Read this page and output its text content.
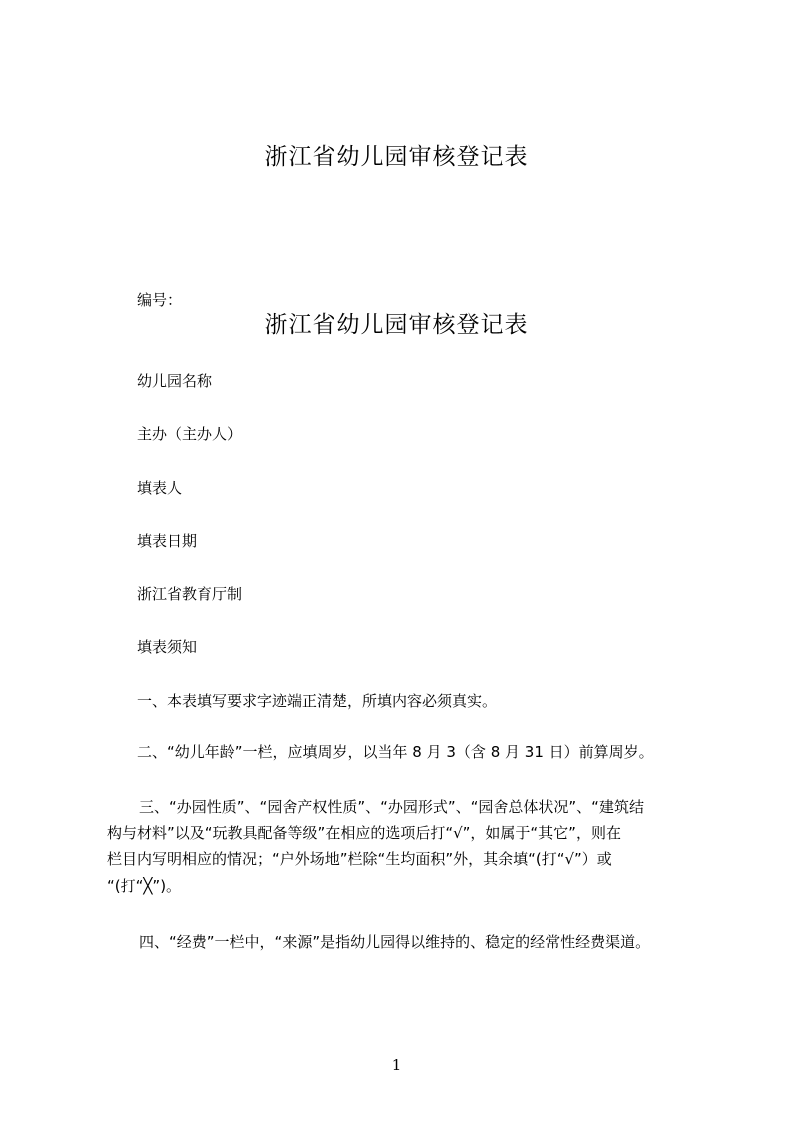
浙江省幼儿园审核登记表
编号：
浙江省幼儿园审核登记表
幼儿园名称
主办（主办人）
填表人
填表日期
浙江省教育厅制
填表须知
一、本表填写要求字迹端正清楚，所填内容必须真实。
二、“幼儿年龄”一栏，应填周岁，以当年 8 月 3（含 8 月 31 日）前算周岁。
三、“办园性质”、“园舍产权性质”、“办园形式”、“园舍总体状况”、“建筑结
构与材料”以及“玩教具配备等级”在相应的选项后打“√”，如属于“其它”，则在
栏目内写明相应的情况；“户外场地”栏除“生均面积”外，其余填“(打“√”）或
“(打“╳”)。
四、“经费”一栏中，“来源”是指幼儿园得以维持的、稳定的经常性经费渠道。
1
